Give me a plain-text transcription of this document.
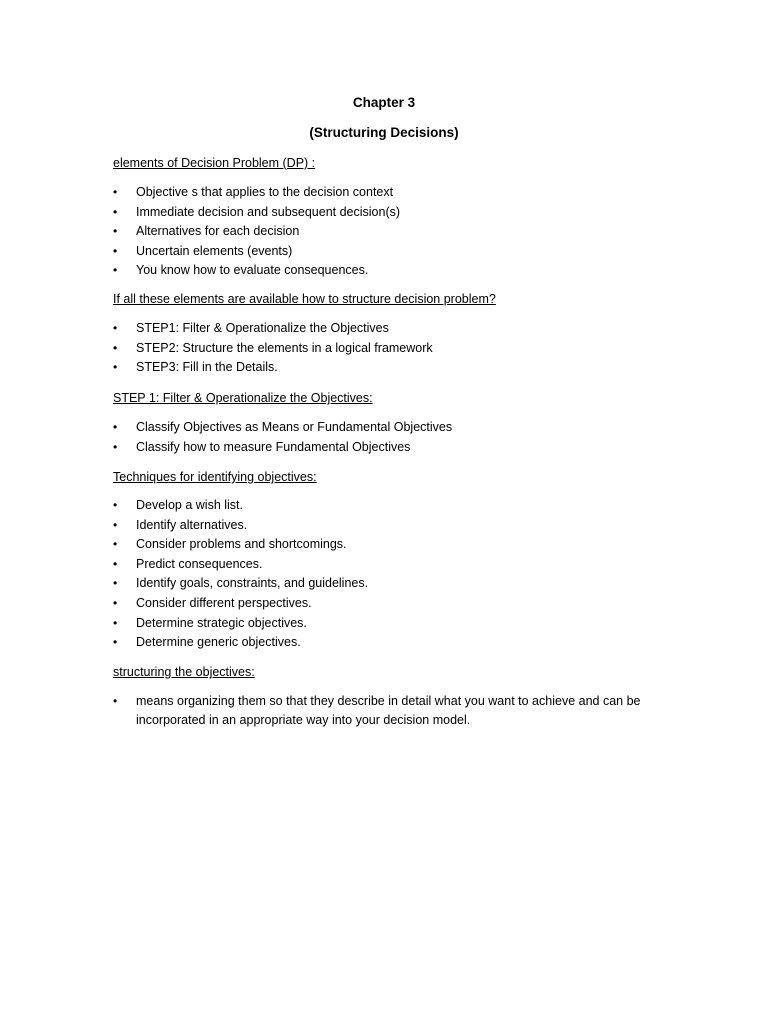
Chapter 3
(Structuring Decisions)

elements of Decision Problem (DP) :

• Objective s that applies to the decision context
• Immediate decision and subsequent decision(s)
• Alternatives for each decision
• Uncertain elements (events)
• You know how to evaluate consequences.

If all these elements are available how to structure decision problem?

• STEP1: Filter & Operationalize the Objectives
• STEP2: Structure the elements in a logical framework
• STEP3: Fill in the Details.

STEP 1: Filter & Operationalize the Objectives:

• Classify Objectives as Means or Fundamental Objectives
• Classify how to measure Fundamental Objectives

Techniques for identifying objectives:

• Develop a wish list.
• Identify alternatives.
• Consider problems and shortcomings.
• Predict consequences.
• Identify goals, constraints, and guidelines.
• Consider different perspectives.
• Determine strategic objectives.
• Determine generic objectives.

structuring the objectives:

• means organizing them so that they describe in detail what you want to achieve and can be incorporated in an appropriate way into your decision model.
